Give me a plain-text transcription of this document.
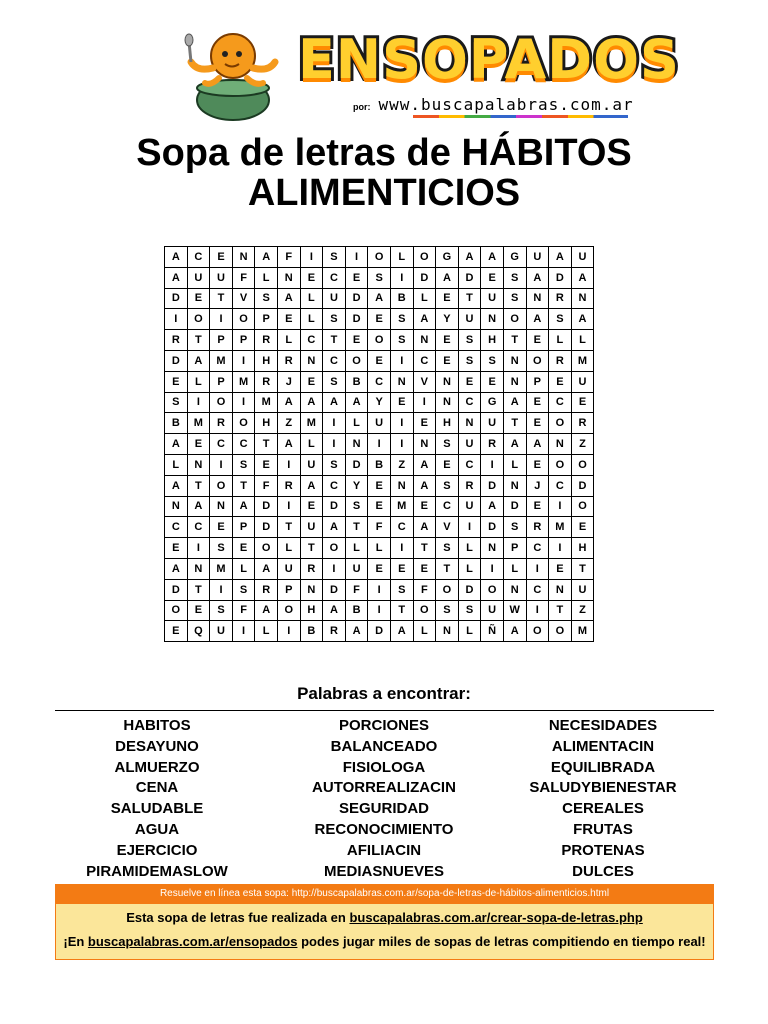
ENSOPADOS
por: www.buscapalabras.com.ar
Sopa de letras de HÁBITOS
ALIMENTICIOS
A	C	E	N	A	F	I	S	I	O	L	O	G	A	A	G	U	A	U
A	U	U	F	L	N	E	C	E	S	I	D	A	D	E	S	A	D	A
D	E	T	V	S	A	L	U	D	A	B	L	E	T	U	S	N	R	N
I	O	I	O	P	E	L	S	D	E	S	A	Y	U	N	O	A	S	A
R	T	P	P	R	L	C	T	E	O	S	N	E	S	H	T	E	L	L
D	A	M	I	H	R	N	C	O	E	I	C	E	S	S	N	O	R	M
E	L	P	M	R	J	E	S	B	C	N	V	N	E	E	N	P	E	U
S	I	O	I	M	A	A	A	A	Y	E	I	N	C	G	A	E	C	E
B	M	R	O	H	Z	M	I	L	U	I	E	H	N	U	T	E	O	R
A	E	C	C	T	A	L	I	N	I	I	N	S	U	R	A	A	N	Z
L	N	I	S	E	I	U	S	D	B	Z	A	E	C	I	L	E	O	O
A	T	O	T	F	R	A	C	Y	E	N	A	S	R	D	N	J	C	D
N	A	N	A	D	I	E	D	S	E	M	E	C	U	A	D	E	I	O
C	C	E	P	D	T	U	A	T	F	C	A	V	I	D	S	R	M	E
E	I	S	E	O	L	T	O	L	L	I	T	S	L	N	P	C	I	H
A	N	M	L	A	U	R	I	U	E	E	E	T	L	I	L	I	E	T
D	T	I	S	R	P	N	D	F	I	S	F	O	D	O	N	C	N	U
O	E	S	F	A	O	H	A	B	I	T	O	S	S	U	W	I	T	Z
E	Q	U	I	L	I	B	R	A	D	A	L	N	L	Ñ	A	O	O	M
Palabras a encontrar:
HABITOS
DESAYUNO
ALMUERZO
CENA
SALUDABLE
AGUA
EJERCICIO
PIRAMIDEMASLOW
PORCIONES
BALANCEADO
FISIOLOGA
AUTORREALIZACIN
SEGURIDAD
RECONOCIMIENTO
AFILIACIN
MEDIASNUEVES
NECESIDADES
ALIMENTACIN
EQUILIBRADA
SALUDYBIENESTAR
CEREALES
FRUTAS
PROTENAS
DULCES
Resuelve en línea esta sopa: http://buscapalabras.com.ar/sopa-de-letras-de-hábitos-alimenticios.html
Esta sopa de letras fue realizada en buscapalabras.com.ar/crear-sopa-de-letras.php
¡En buscapalabras.com.ar/ensopados podes jugar miles de sopas de letras compitiendo en tiempo real!
